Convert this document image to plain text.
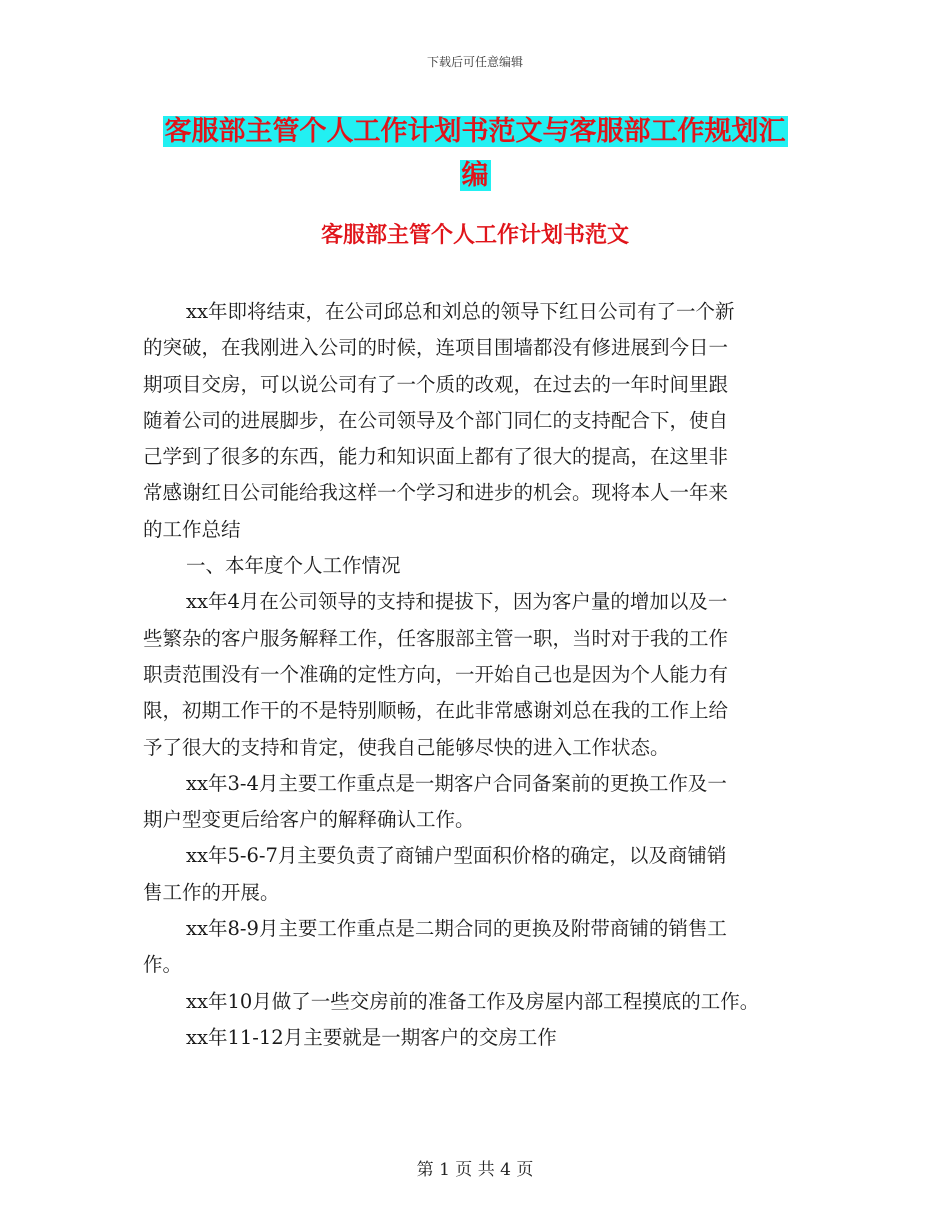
下载后可任意编辑
客服部主管个人工作计划书范文与客服部工作规划汇
编
客服部主管个人工作计划书范文
xx年即将结束，在公司邱总和刘总的领导下红日公司有了一个新
的突破，在我刚进入公司的时候，连项目围墙都没有修进展到今日一
期项目交房，可以说公司有了一个质的改观，在过去的一年时间里跟
随着公司的进展脚步，在公司领导及个部门同仁的支持配合下，使自
己学到了很多的东西，能力和知识面上都有了很大的提高，在这里非
常感谢红日公司能给我这样一个学习和进步的机会。现将本人一年来
的工作总结
一、本年度个人工作情况
xx年4月在公司领导的支持和提拔下，因为客户量的增加以及一
些繁杂的客户服务解释工作，任客服部主管一职，当时对于我的工作
职责范围没有一个准确的定性方向，一开始自己也是因为个人能力有
限，初期工作干的不是特别顺畅，在此非常感谢刘总在我的工作上给
予了很大的支持和肯定，使我自己能够尽快的进入工作状态。
xx年3-4月主要工作重点是一期客户合同备案前的更换工作及一
期户型变更后给客户的解释确认工作。
xx年5-6-7月主要负责了商铺户型面积价格的确定，以及商铺销
售工作的开展。
xx年8-9月主要工作重点是二期合同的更换及附带商铺的销售工
作。
xx年10月做了一些交房前的准备工作及房屋内部工程摸底的工作。
xx年11-12月主要就是一期客户的交房工作
第 1 页 共 4 页
